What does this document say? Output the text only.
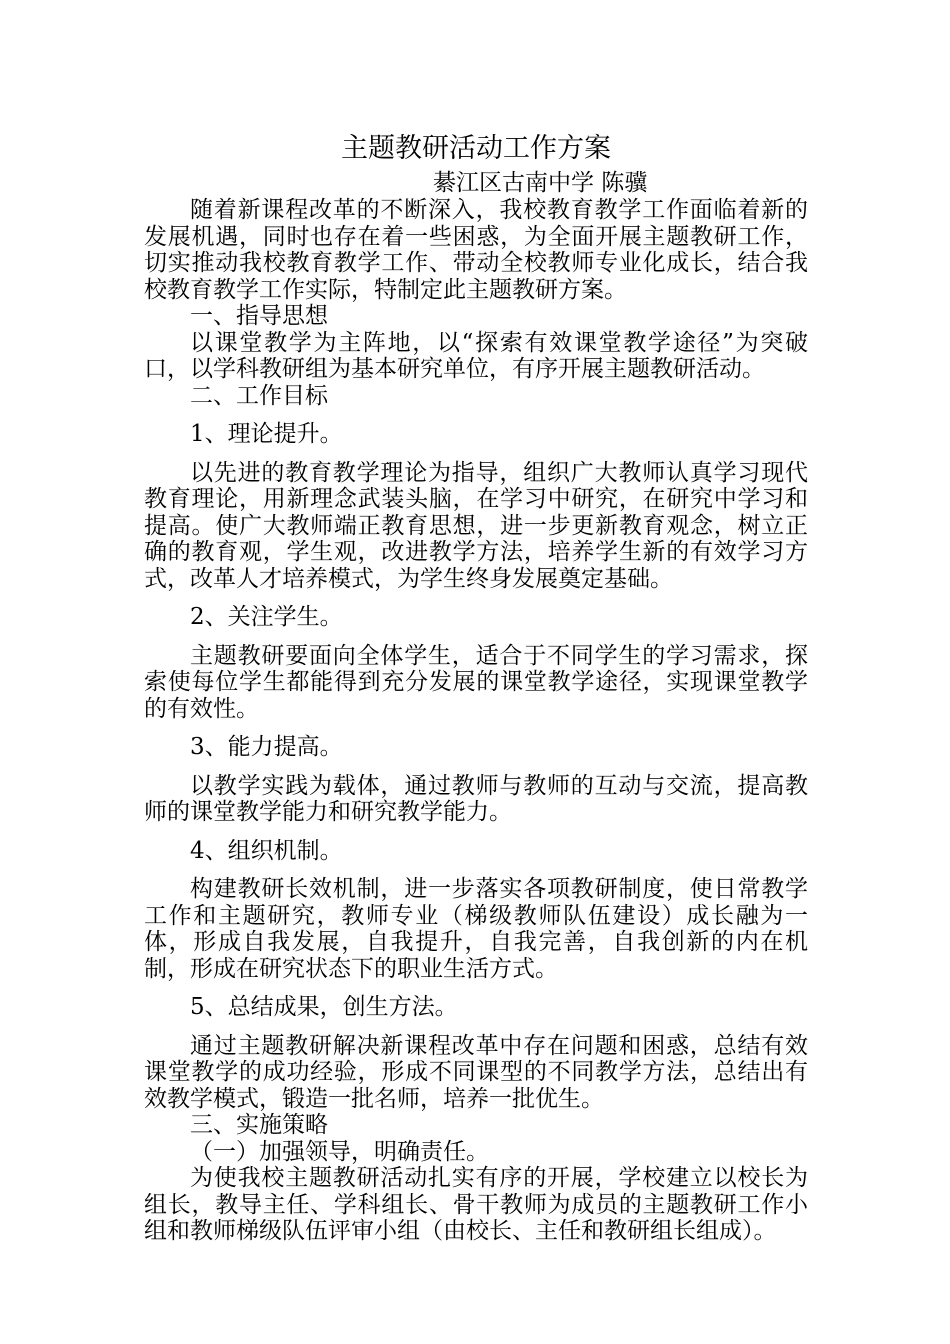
主题教研活动工作方案

綦江区古南中学 陈骥

随着新课程改革的不断深入，我校教育教学工作面临着新的发展机遇，同时也存在着一些困惑，为全面开展主题教研工作，切实推动我校教育教学工作、带动全校教师专业化成长，结合我校教育教学工作实际，特制定此主题教研方案。

一、指导思想

以课堂教学为主阵地，以“探索有效课堂教学途径”为突破口，以学科教研组为基本研究单位，有序开展主题教研活动。

二、工作目标

1、理论提升。

以先进的教育教学理论为指导，组织广大教师认真学习现代教育理论，用新理念武装头脑，在学习中研究，在研究中学习和提高。使广大教师端正教育思想，进一步更新教育观念，树立正确的教育观，学生观，改进教学方法，培养学生新的有效学习方式，改革人才培养模式，为学生终身发展奠定基础。

2、关注学生。

主题教研要面向全体学生，适合于不同学生的学习需求，探索使每位学生都能得到充分发展的课堂教学途径，实现课堂教学的有效性。

3、能力提高。

以教学实践为载体，通过教师与教师的互动与交流，提高教师的课堂教学能力和研究教学能力。

4、组织机制。

构建教研长效机制，进一步落实各项教研制度，使日常教学工作和主题研究，教师专业（梯级教师队伍建设）成长融为一体，形成自我发展，自我提升，自我完善，自我创新的内在机制，形成在研究状态下的职业生活方式。

5、总结成果，创生方法。

通过主题教研解决新课程改革中存在问题和困惑，总结有效课堂教学的成功经验，形成不同课型的不同教学方法，总结出有效教学模式，锻造一批名师，培养一批优生。

三、实施策略

（一）加强领导，明确责任。

为使我校主题教研活动扎实有序的开展，学校建立以校长为组长，教导主任、学科组长、骨干教师为成员的主题教研工作小组和教师梯级队伍评审小组（由校长、主任和教研组长组成）。
